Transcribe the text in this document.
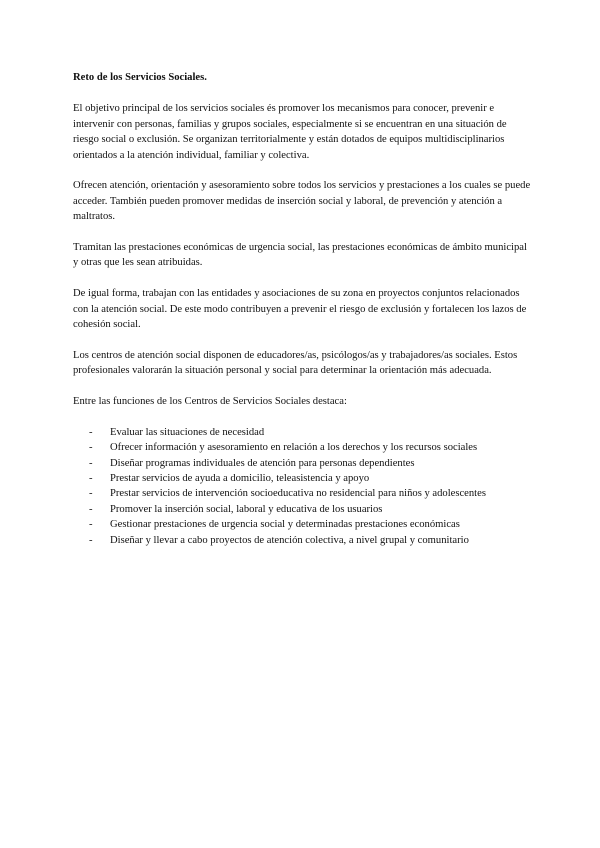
Reto de los Servicios Sociales.

El objetivo principal de los servicios sociales és promover los mecanismos para conocer, prevenir e intervenir con personas, familias y grupos sociales, especialmente si se encuentran en una situación de riesgo social o exclusión. Se organizan territorialmente y están dotados de equipos multidisciplinarios orientados a la atención individual, familiar y colectiva.

Ofrecen atención, orientación y asesoramiento sobre todos los servicios y prestaciones a los cuales se puede acceder. También pueden promover medidas de inserción social y laboral, de prevención y atención a maltratos.

Tramitan las prestaciones económicas de urgencia social, las prestaciones económicas de ámbito municipal y otras que les sean atribuidas.

De igual forma, trabajan con las entidades y asociaciones de su zona en proyectos conjuntos relacionados con la atención social. De este modo contribuyen a prevenir el riesgo de exclusión y fortalecen los lazos de cohesión social.

Los centros de atención social disponen de educadores/as, psicólogos/as y trabajadores/as sociales. Estos profesionales valorarán la situación personal y social para determinar la orientación más adecuada.

Entre las funciones de los Centros de Servicios Sociales destaca:

- Evaluar las situaciones de necesidad
- Ofrecer información y asesoramiento en relación a los derechos y los recursos sociales
- Diseñar programas individuales de atención para personas dependientes
- Prestar servicios de ayuda a domicilio, teleasistencia y apoyo
- Prestar servicios de intervención socioeducativa no residencial para niños y adolescentes
- Promover la inserción social, laboral y educativa de los usuarios
- Gestionar prestaciones de urgencia social y determinadas prestaciones económicas
- Diseñar y llevar a cabo proyectos de atención colectiva, a nivel grupal y comunitario
